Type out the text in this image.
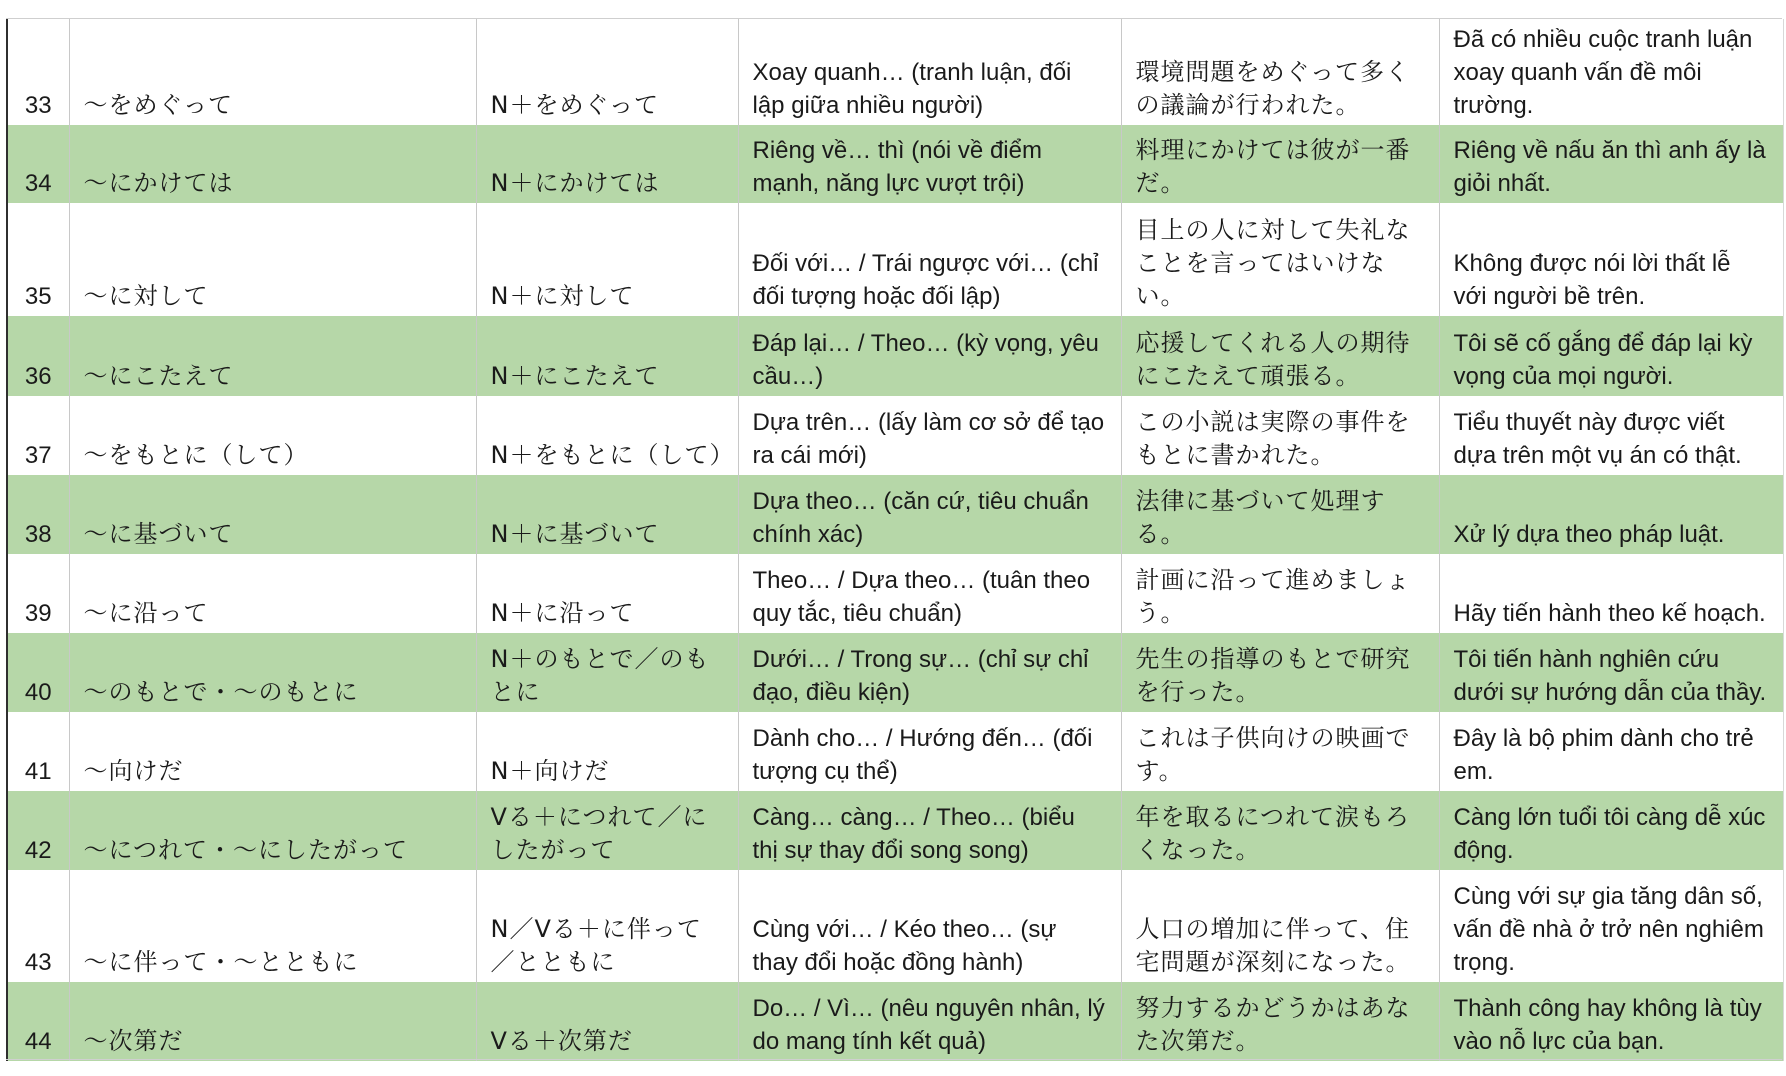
33	〜をめぐって	N＋をめぐって	Xoay quanh… (tranh luận, đối lập giữa nhiều người)	環境問題をめぐって多くの議論が行われた。	Đã có nhiều cuộc tranh luận xoay quanh vấn đề môi trường.
34	〜にかけては	N＋にかけては	Riêng về… thì (nói về điểm mạnh, năng lực vượt trội)	料理にかけては彼が一番だ。	Riêng về nấu ăn thì anh ấy là giỏi nhất.
35	〜に対して	N＋に対して	Đối với… / Trái ngược với… (chỉ đối tượng hoặc đối lập)	目上の人に対して失礼なことを言ってはいけない。	Không được nói lời thất lễ với người bề trên.
36	〜にこたえて	N＋にこたえて	Đáp lại… / Theo… (kỳ vọng, yêu cầu…)	応援してくれる人の期待にこたえて頑張る。	Tôi sẽ cố gắng để đáp lại kỳ vọng của mọi người.
37	〜をもとに（して）	N＋をもとに（して）	Dựa trên… (lấy làm cơ sở để tạo ra cái mới)	この小説は実際の事件をもとに書かれた。	Tiểu thuyết này được viết dựa trên một vụ án có thật.
38	〜に基づいて	N＋に基づいて	Dựa theo… (căn cứ, tiêu chuẩn chính xác)	法律に基づいて処理する。	Xử lý dựa theo pháp luật.
39	〜に沿って	N＋に沿って	Theo… / Dựa theo… (tuân theo quy tắc, tiêu chuẩn)	計画に沿って進めましょう。	Hãy tiến hành theo kế hoạch.
40	〜のもとで・〜のもとに	N＋のもとで／のもとに	Dưới… / Trong sự… (chỉ sự chỉ đạo, điều kiện)	先生の指導のもとで研究を行った。	Tôi tiến hành nghiên cứu dưới sự hướng dẫn của thầy.
41	〜向けだ	N＋向けだ	Dành cho… / Hướng đến… (đối tượng cụ thể)	これは子供向けの映画です。	Đây là bộ phim dành cho trẻ em.
42	〜につれて・〜にしたがって	Vる＋につれて／にしたがって	Càng… càng… / Theo… (biểu thị sự thay đổi song song)	年を取るにつれて涙もろくなった。	Càng lớn tuổi tôi càng dễ xúc động.
43	〜に伴って・〜とともに	N／Vる＋に伴って／とともに	Cùng với… / Kéo theo… (sự thay đổi hoặc đồng hành)	人口の増加に伴って、住宅問題が深刻になった。	Cùng với sự gia tăng dân số, vấn đề nhà ở trở nên nghiêm trọng.
44	〜次第だ	Vる＋次第だ	Do… / Vì… (nêu nguyên nhân, lý do mang tính kết quả)	努力するかどうかはあなた次第だ。	Thành công hay không là tùy vào nỗ lực của bạn.
